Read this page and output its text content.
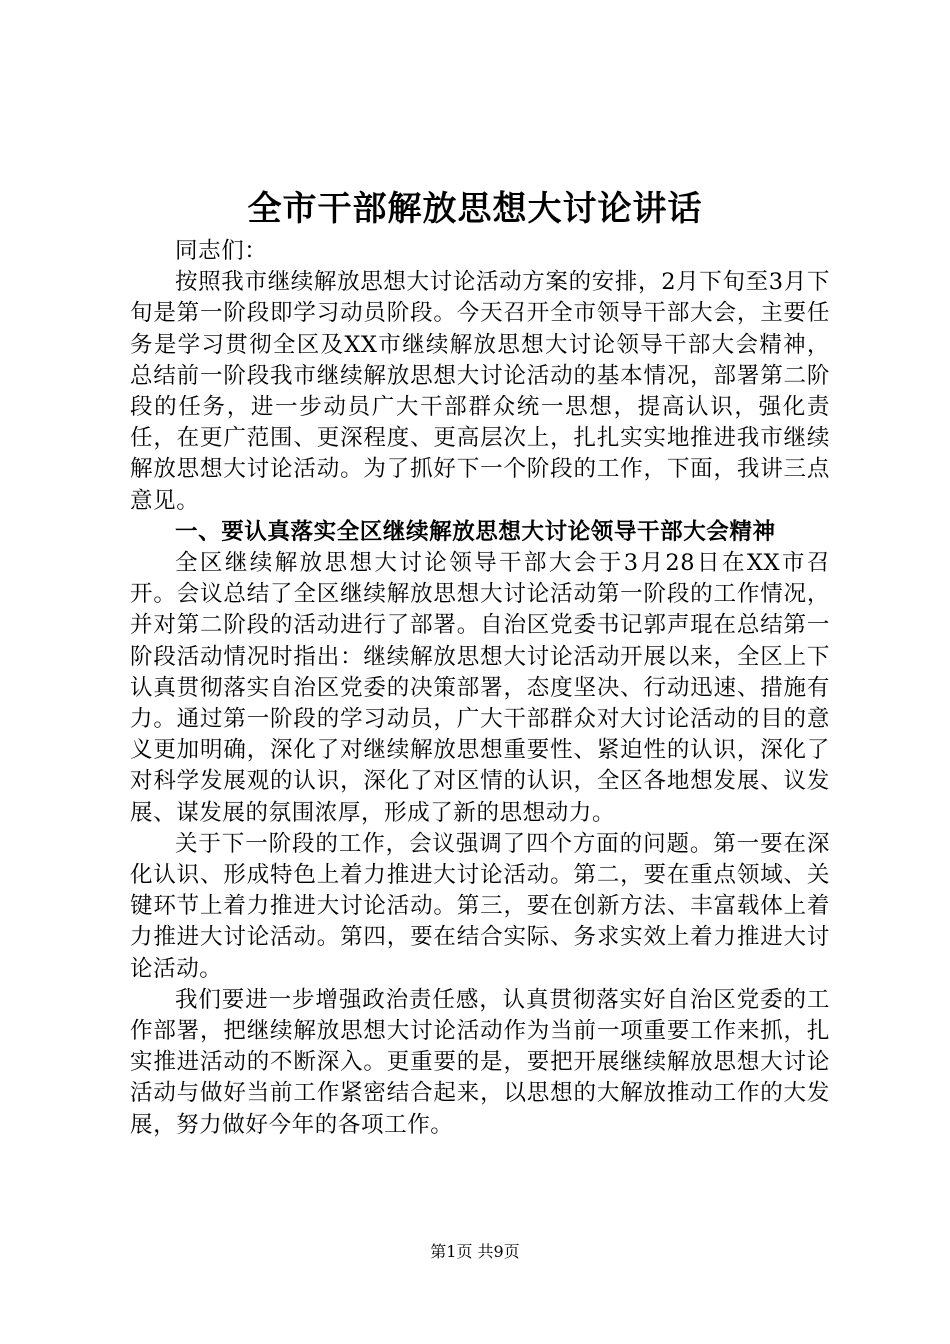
全市干部解放思想大讨论讲话

同志们：

按照我市继续解放思想大讨论活动方案的安排，2月下旬至3月下旬是第一阶段即学习动员阶段。今天召开全市领导干部大会，主要任务是学习贯彻全区及XX市继续解放思想大讨论领导干部大会精神，总结前一阶段我市继续解放思想大讨论活动的基本情况，部署第二阶段的任务，进一步动员广大干部群众统一思想，提高认识，强化责任，在更广范围、更深程度、更高层次上，扎扎实实地推进我市继续解放思想大讨论活动。为了抓好下一个阶段的工作，下面，我讲三点意见。

一、要认真落实全区继续解放思想大讨论领导干部大会精神

全区继续解放思想大讨论领导干部大会于3月28日在XX市召开。会议总结了全区继续解放思想大讨论活动第一阶段的工作情况，并对第二阶段的活动进行了部署。自治区党委书记郭声琨在总结第一阶段活动情况时指出：继续解放思想大讨论活动开展以来，全区上下认真贯彻落实自治区党委的决策部署，态度坚决、行动迅速、措施有力。通过第一阶段的学习动员，广大干部群众对大讨论活动的目的意义更加明确，深化了对继续解放思想重要性、紧迫性的认识，深化了对科学发展观的认识，深化了对区情的认识，全区各地想发展、议发展、谋发展的氛围浓厚，形成了新的思想动力。

关于下一阶段的工作，会议强调了四个方面的问题。第一要在深化认识、形成特色上着力推进大讨论活动。第二，要在重点领域、关键环节上着力推进大讨论活动。第三，要在创新方法、丰富载体上着力推进大讨论活动。第四，要在结合实际、务求实效上着力推进大讨论活动。

我们要进一步增强政治责任感，认真贯彻落实好自治区党委的工作部署，把继续解放思想大讨论活动作为当前一项重要工作来抓，扎实推进活动的不断深入。更重要的是，要把开展继续解放思想大讨论活动与做好当前工作紧密结合起来，以思想的大解放推动工作的大发展，努力做好今年的各项工作。

第1页 共9页
